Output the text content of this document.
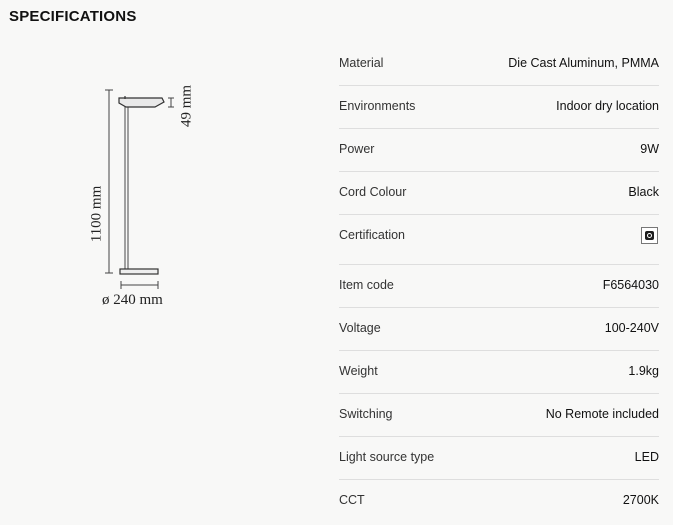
SPECIFICATIONS
1100 mm
49 mm
ø 240 mm
Material	Die Cast Aluminum, PMMA
Environments	Indoor dry location
Power	9W
Cord Colour	Black
Certification
Item code	F6564030
Voltage	100-240V
Weight	1.9kg
Switching	No Remote included
Light source type	LED
CCT	2700K
